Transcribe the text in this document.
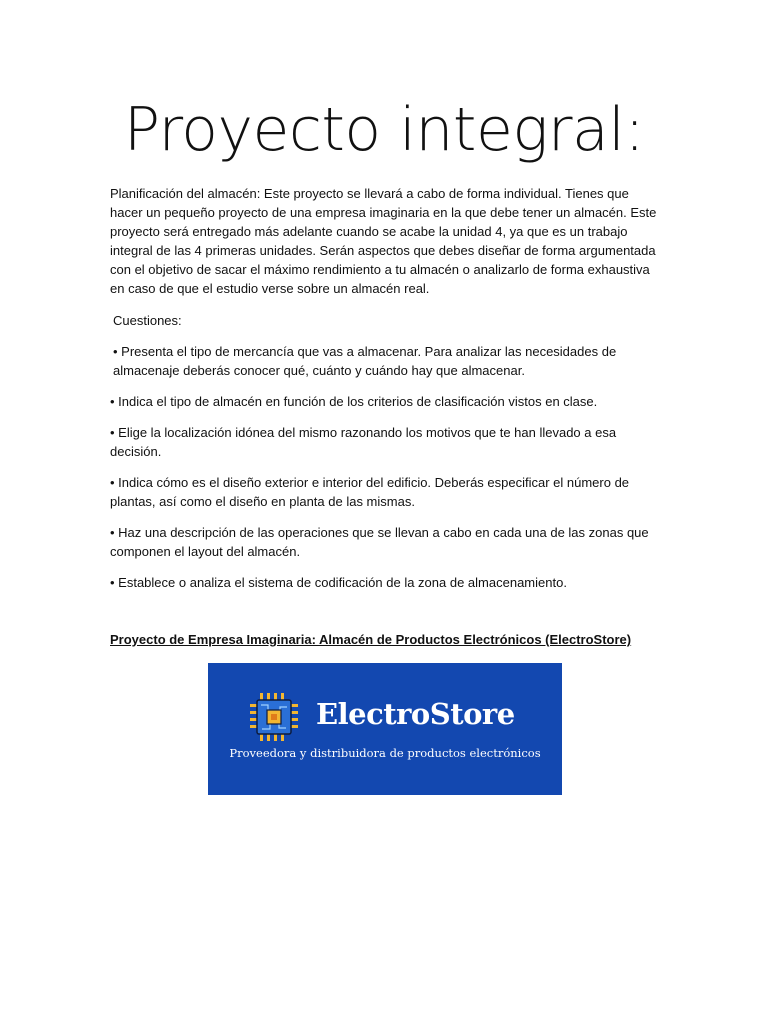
Proyecto integral:

Planificación del almacén: Este proyecto se llevará a cabo de forma individual. Tienes que hacer un pequeño proyecto de una empresa imaginaria en la que debe tener un almacén. Este proyecto será entregado más adelante cuando se acabe la unidad 4, ya que es un trabajo integral de las 4 primeras unidades. Serán aspectos que debes diseñar de forma argumentada con el objetivo de sacar el máximo rendimiento a tu almacén o analizarlo de forma exhaustiva en caso de que el estudio verse sobre un almacén real.

Cuestiones:

• Presenta el tipo de mercancía que vas a almacenar. Para analizar las necesidades de almacenaje deberás conocer qué, cuánto y cuándo hay que almacenar.

• Indica el tipo de almacén en función de los criterios de clasificación vistos en clase.

• Elige la localización idónea del mismo razonando los motivos que te han llevado a esa decisión.

• Indica cómo es el diseño exterior e interior del edificio. Deberás especificar el número de plantas, así como el diseño en planta de las mismas.

• Haz una descripción de las operaciones que se llevan a cabo en cada una de las zonas que componen el layout del almacén.

• Establece o analiza el sistema de codificación de la zona de almacenamiento.

Proyecto de Empresa Imaginaria: Almacén de Productos Electrónicos (ElectroStore)

ElectroStore
Proveedora y distribuidora de productos electrónicos
